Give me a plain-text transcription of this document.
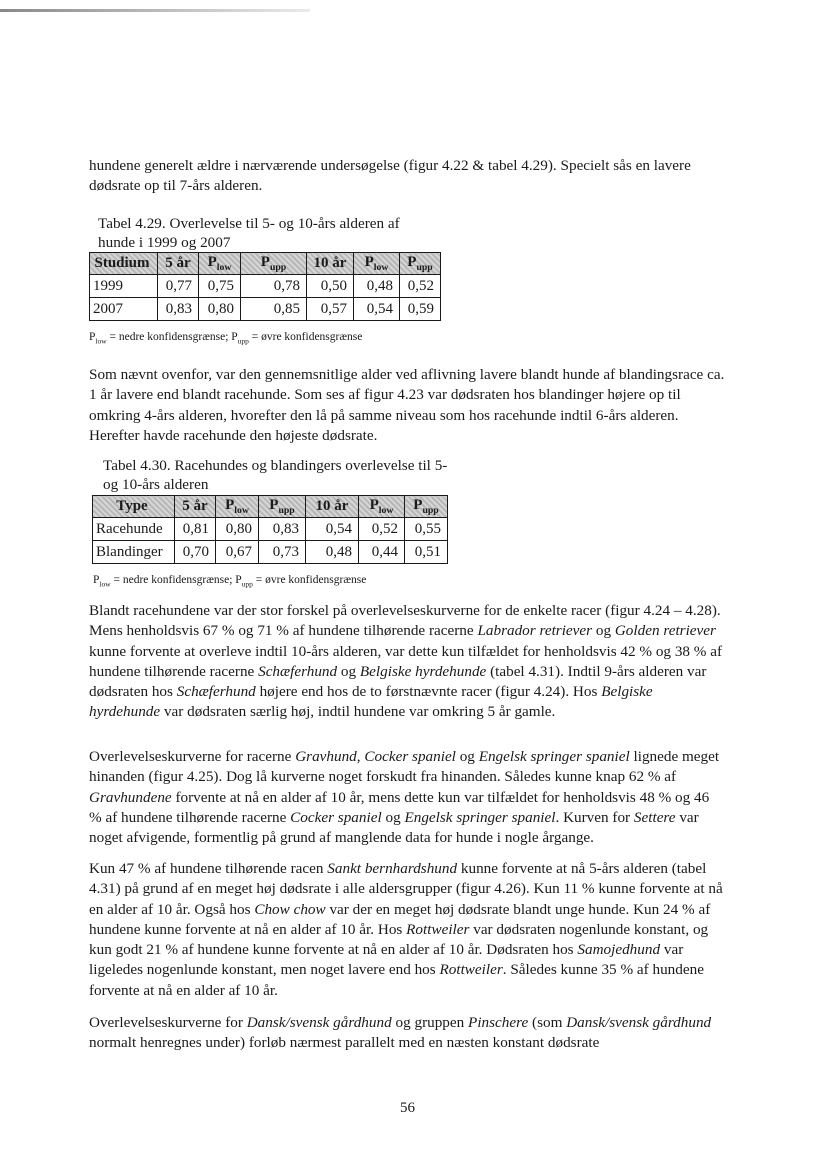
hundene generelt ældre i nærværende undersøgelse (figur 4.22 & tabel 4.29). Specielt sås en lavere dødsrate op til 7-års alderen.

Tabel 4.29. Overlevelse til 5- og 10-års alderen af hunde i 1999 og 2007

Studium	5 år	$P_{low}$	$P_{upp}$	10 år	$P_{low}$	$P_{upp}$
1999	0,77	0,75	0,78	0,50	0,48	0,52
2007	0,83	0,80	0,85	0,57	0,54	0,59

$P_{low}$ = nedre konfidensgrænse; $P_{upp}$ = øvre konfidensgrænse

Som nævnt ovenfor, var den gennemsnitlige alder ved aflivning lavere blandt hunde af blandingsrace ca. 1 år lavere end blandt racehunde. Som ses af figur 4.23 var dødsraten hos blandinger højere op til omkring 4-års alderen, hvorefter den lå på samme niveau som hos racehunde indtil 6-års alderen. Herefter havde racehunde den højeste dødsrate.

Tabel 4.30. Racehundes og blandingers overlevelse til 5- og 10-års alderen

Type	5 år	$P_{low}$	$P_{upp}$	10 år	$P_{low}$	$P_{upp}$
Racehunde	0,81	0,80	0,83	0,54	0,52	0,55
Blandinger	0,70	0,67	0,73	0,48	0,44	0,51

$P_{low}$ = nedre konfidensgrænse; $P_{upp}$ = øvre konfidensgrænse

Blandt racehundene var der stor forskel på overlevelseskurverne for de enkelte racer (figur 4.24 – 4.28). Mens henholdsvis 67 % og 71 % af hundene tilhørende racerne Labrador retriever og Golden retriever kunne forvente at overleve indtil 10-års alderen, var dette kun tilfældet for henholdsvis 42 % og 38 % af hundene tilhørende racerne Schæferhund og Belgiske hyrdehunde (tabel 4.31). Indtil 9-års alderen var dødsraten hos Schæferhund højere end hos de to førstnævnte racer (figur 4.24). Hos Belgiske hyrdehunde var dødsraten særlig høj, indtil hundene var omkring 5 år gamle.

Overlevelseskurverne for racerne Gravhund, Cocker spaniel og Engelsk springer spaniel lignede meget hinanden (figur 4.25). Dog lå kurverne noget forskudt fra hinanden. Således kunne knap 62 % af Gravhundene forvente at nå en alder af 10 år, mens dette kun var tilfældet for henholdsvis 48 % og 46 % af hundene tilhørende racerne Cocker spaniel og Engelsk springer spaniel. Kurven for Settere var noget afvigende, formentlig på grund af manglende data for hunde i nogle årgange.

Kun 47 % af hundene tilhørende racen Sankt bernhardshund kunne forvente at nå 5-års alderen (tabel 4.31) på grund af en meget høj dødsrate i alle aldersgrupper (figur 4.26). Kun 11 % kunne forvente at nå en alder af 10 år. Også hos Chow chow var der en meget høj dødsrate blandt unge hunde. Kun 24 % af hundene kunne forvente at nå en alder af 10 år. Hos Rottweiler var dødsraten nogenlunde konstant, og kun godt 21 % af hundene kunne forvente at nå en alder af 10 år. Dødsraten hos Samojedhund var ligeledes nogenlunde konstant, men noget lavere end hos Rottweiler. Således kunne 35 % af hundene forvente at nå en alder af 10 år.

Overlevelseskurverne for Dansk/svensk gårdhund og gruppen Pinschere (som Dansk/svensk gårdhund normalt henregnes under) forløb nærmest parallelt med en næsten konstant dødsrate

56
